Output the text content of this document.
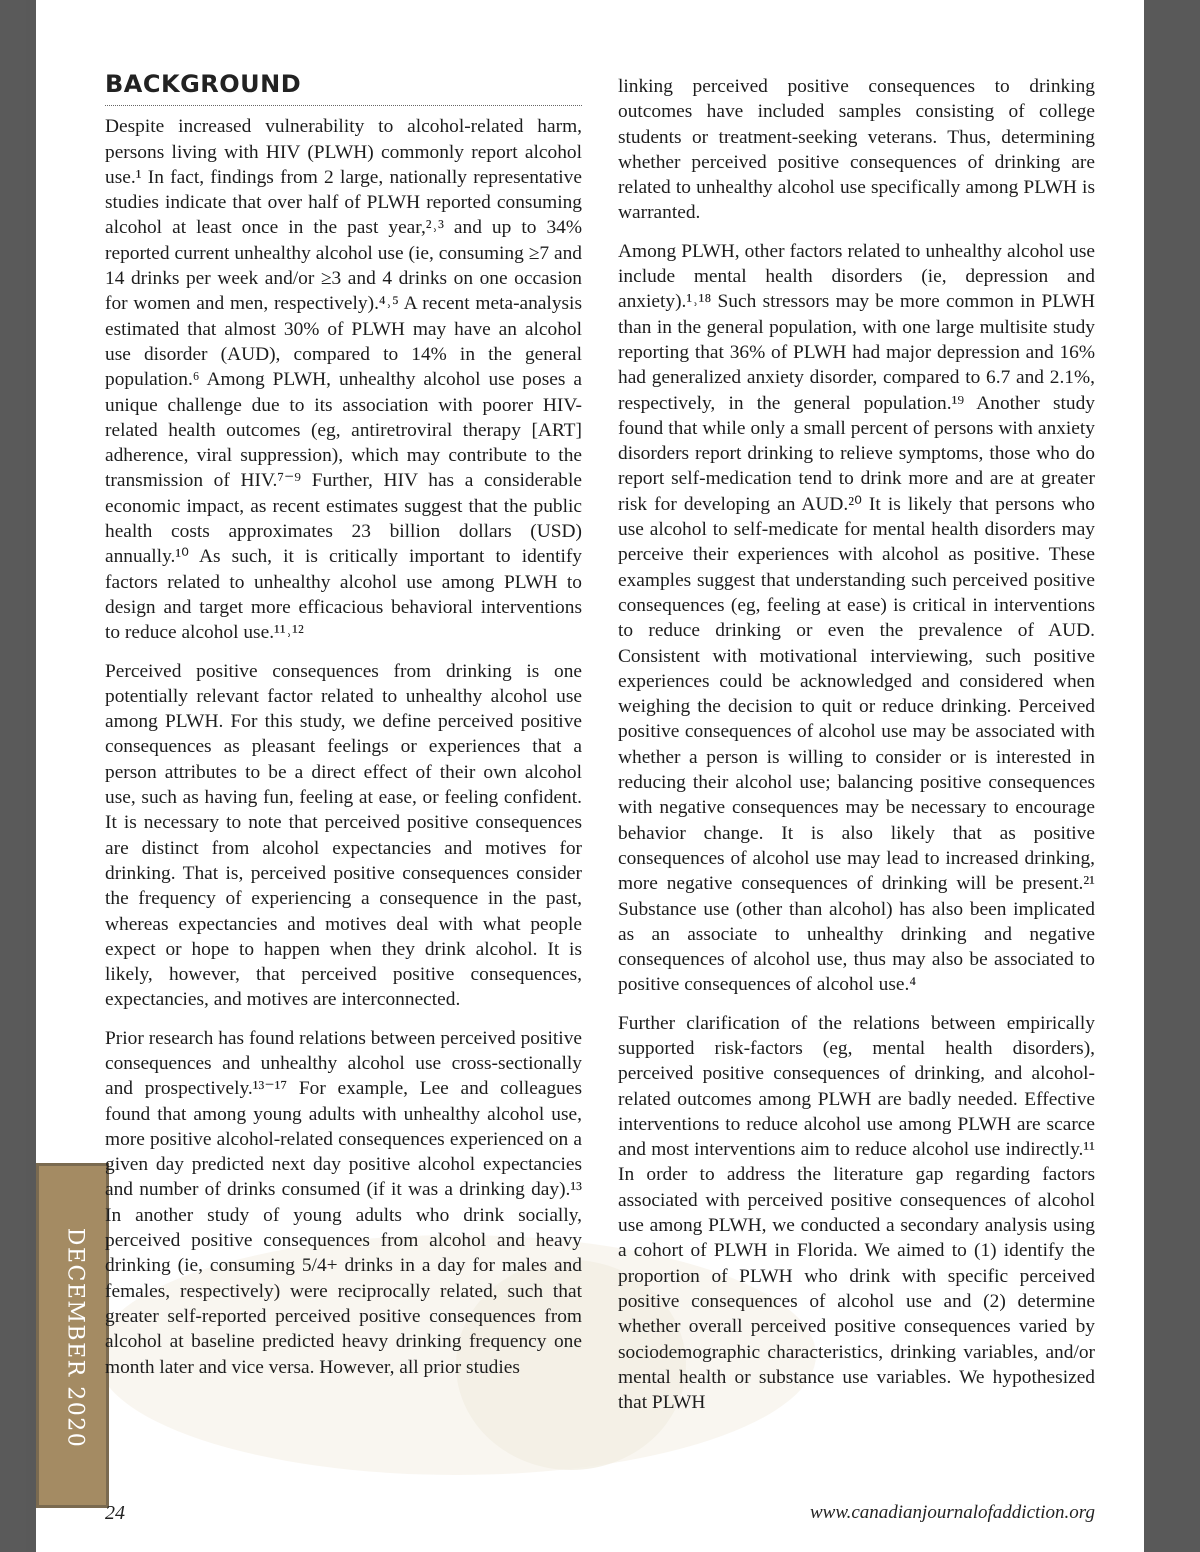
DECEMBER 2020
BACKGROUND

Despite increased vulnerability to alcohol-related harm, persons living with HIV (PLWH) commonly report alcohol use.¹ In fact, findings from 2 large, nationally representative studies indicate that over half of PLWH reported consuming alcohol at least once in the past year,²˒³ and up to 34% reported current unhealthy alcohol use (ie, consuming ≥7 and 14 drinks per week and/or ≥3 and 4 drinks on one occasion for women and men, respectively).⁴˒⁵ A recent meta-analysis estimated that almost 30% of PLWH may have an alcohol use disorder (AUD), compared to 14% in the general population.⁶ Among PLWH, unhealthy alcohol use poses a unique challenge due to its association with poorer HIV-related health outcomes (eg, antiretroviral therapy [ART] adherence, viral suppression), which may contribute to the transmission of HIV.⁷⁻⁹ Further, HIV has a considerable economic impact, as recent estimates suggest that the public health costs approximates 23 billion dollars (USD) annually.¹⁰ As such, it is critically important to identify factors related to unhealthy alcohol use among PLWH to design and target more efficacious behavioral interventions to reduce alcohol use.¹¹˒¹²

Perceived positive consequences from drinking is one potentially relevant factor related to unhealthy alcohol use among PLWH. For this study, we define perceived positive consequences as pleasant feelings or experiences that a person attributes to be a direct effect of their own alcohol use, such as having fun, feeling at ease, or feeling confident. It is necessary to note that perceived positive consequences are distinct from alcohol expectancies and motives for drinking. That is, perceived positive consequences consider the frequency of experiencing a consequence in the past, whereas expectancies and motives deal with what people expect or hope to happen when they drink alcohol. It is likely, however, that perceived positive consequences, expectancies, and motives are interconnected.

Prior research has found relations between perceived positive consequences and unhealthy alcohol use cross-sectionally and prospectively.¹³⁻¹⁷ For example, Lee and colleagues found that among young adults with unhealthy alcohol use, more positive alcohol-related consequences experienced on a given day predicted next day positive alcohol expectancies and number of drinks consumed (if it was a drinking day).¹³ In another study of young adults who drink socially, perceived positive consequences from alcohol and heavy drinking (ie, consuming 5/4+ drinks in a day for males and females, respectively) were reciprocally related, such that greater self-reported perceived positive consequences from alcohol at baseline predicted heavy drinking frequency one month later and vice versa. However, all prior studies

linking perceived positive consequences to drinking outcomes have included samples consisting of college students or treatment-seeking veterans. Thus, determining whether perceived positive consequences of drinking are related to unhealthy alcohol use specifically among PLWH is warranted.

Among PLWH, other factors related to unhealthy alcohol use include mental health disorders (ie, depression and anxiety).¹˒¹⁸ Such stressors may be more common in PLWH than in the general population, with one large multisite study reporting that 36% of PLWH had major depression and 16% had generalized anxiety disorder, compared to 6.7 and 2.1%, respectively, in the general population.¹⁹ Another study found that while only a small percent of persons with anxiety disorders report drinking to relieve symptoms, those who do report self-medication tend to drink more and are at greater risk for developing an AUD.²⁰ It is likely that persons who use alcohol to self-medicate for mental health disorders may perceive their experiences with alcohol as positive. These examples suggest that understanding such perceived positive consequences (eg, feeling at ease) is critical in interventions to reduce drinking or even the prevalence of AUD. Consistent with motivational interviewing, such positive experiences could be acknowledged and considered when weighing the decision to quit or reduce drinking. Perceived positive consequences of alcohol use may be associated with whether a person is willing to consider or is interested in reducing their alcohol use; balancing positive consequences with negative consequences may be necessary to encourage behavior change. It is also likely that as positive consequences of alcohol use may lead to increased drinking, more negative consequences of drinking will be present.²¹ Substance use (other than alcohol) has also been implicated as an associate to unhealthy drinking and negative consequences of alcohol use, thus may also be associated to positive consequences of alcohol use.⁴

Further clarification of the relations between empirically supported risk-factors (eg, mental health disorders), perceived positive consequences of drinking, and alcohol-related outcomes among PLWH are badly needed. Effective interventions to reduce alcohol use among PLWH are scarce and most interventions aim to reduce alcohol use indirectly.¹¹ In order to address the literature gap regarding factors associated with perceived positive consequences of alcohol use among PLWH, we conducted a secondary analysis using a cohort of PLWH in Florida. We aimed to (1) identify the proportion of PLWH who drink with specific perceived positive consequences of alcohol use and (2) determine whether overall perceived positive consequences varied by sociodemographic characteristics, drinking variables, and/or mental health or substance use variables. We hypothesized that PLWH

24	www.canadianjournalofaddiction.org
